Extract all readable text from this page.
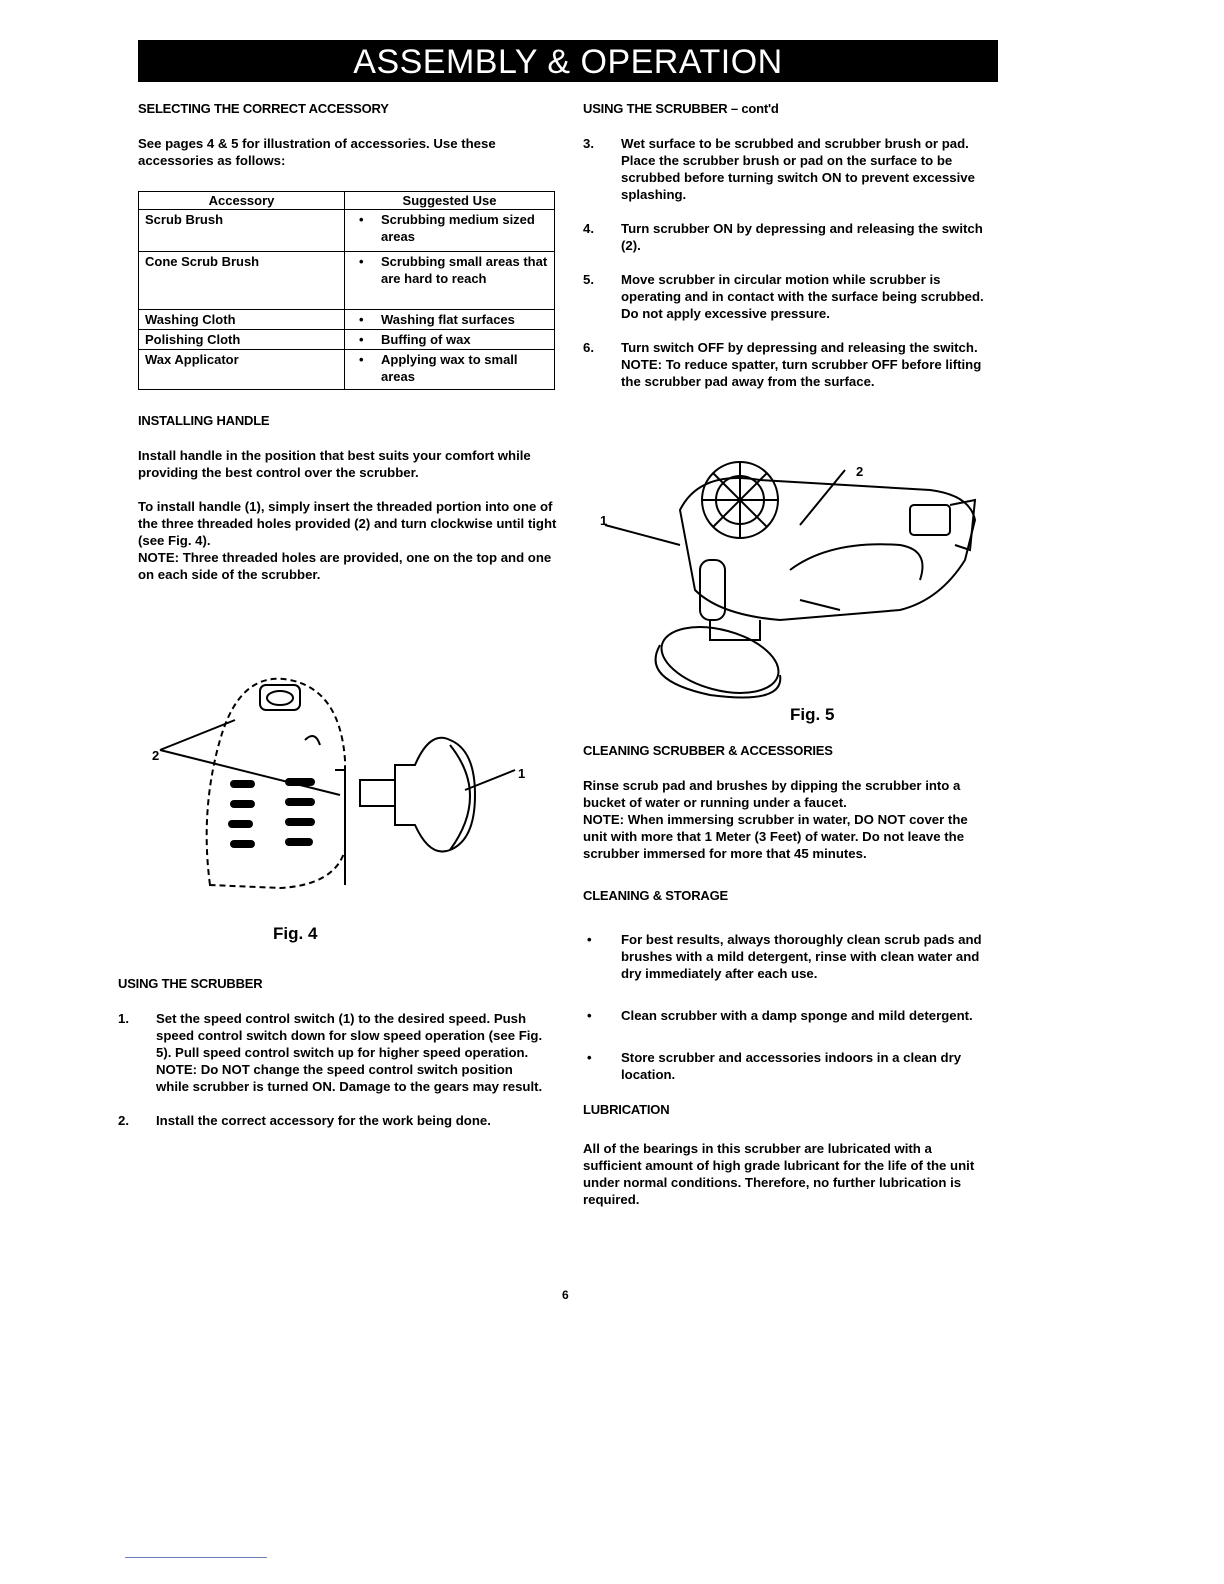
ASSEMBLY & OPERATION
SELECTING THE CORRECT ACCESSORY

See pages 4 & 5 for illustration of accessories. Use these accessories as follows:

Accessory	Suggested Use
Scrub Brush	• Scrubbing medium sized areas
Cone Scrub Brush	• Scrubbing small areas that are hard to reach
Washing Cloth	• Washing flat surfaces
Polishing Cloth	• Buffing of wax
Wax Applicator	• Applying wax to small areas
INSTALLING HANDLE

Install handle in the position that best suits your comfort while providing the best control over the scrubber.

To install handle (1), simply insert the threaded portion into one of the three threaded holes provided (2) and turn clockwise until tight (see Fig. 4).

NOTE: Three threaded holes are provided, one on the top and one on each side of the scrubber.

2
1
Fig. 4
USING THE SCRUBBER
1. Set the speed control switch (1) to the desired speed. Push speed control switch down for slow speed operation (see Fig. 5). Pull speed control switch up for higher speed operation.
NOTE: Do NOT change the speed control switch position while scrubber is turned ON. Damage to the gears may result.
2. Install the correct accessory for the work being done.
USING THE SCRUBBER – cont'd
3. Wet surface to be scrubbed and scrubber brush or pad. Place the scrubber brush or pad on the surface to be scrubbed before turning switch ON to prevent excessive splashing.
4. Turn scrubber ON by depressing and releasing the switch (2).
5. Move scrubber in circular motion while scrubber is operating and in contact with the surface being scrubbed. Do not apply excessive pressure.
6. Turn switch OFF by depressing and releasing the switch.
NOTE: To reduce spatter, turn scrubber OFF before lifting the scrubber pad away from the surface.
1
2
Fig. 5
CLEANING SCRUBBER & ACCESSORIES

Rinse scrub pad and brushes by dipping the scrubber into a bucket of water or running under a faucet.

NOTE: When immersing scrubber in water, DO NOT cover the unit with more that 1 Meter (3 Feet) of water. Do not leave the scrubber immersed for more that 45 minutes.

CLEANING & STORAGE
• For best results, always thoroughly clean scrub pads and brushes with a mild detergent, rinse with clean water and dry immediately after each use.
• Clean scrubber with a damp sponge and mild detergent.
• Store scrubber and accessories indoors in a clean dry location.
LUBRICATION

All of the bearings in this scrubber are lubricated with a sufficient amount of high grade lubricant for the life of the unit under normal conditions. Therefore, no further lubrication is required.

6
